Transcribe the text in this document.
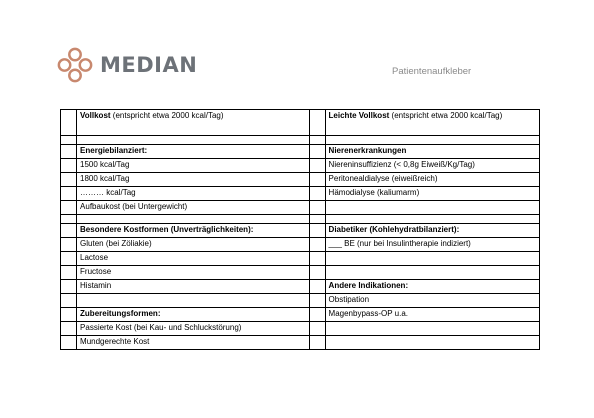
MEDIAN	Patientenaufkleber
	Vollkost (entspricht etwa 2000 kcal/Tag)		Leichte Vollkost (entspricht etwa 2000 kcal/Tag)

	Energiebilanziert:		Nierenerkrankungen
	1500 kcal/Tag		Niereninsuffizienz (< 0,8g Eiweiß/Kg/Tag)
	1800 kcal/Tag		Peritonealdialyse (eiweißreich)
	……… kcal/Tag		Hämodialyse (kaliumarm)
	Aufbaukost (bei Untergewicht)		

	Besondere Kostformen (Unverträglichkeiten):		Diabetiker (Kohlehydratbilanziert):
	Gluten (bei Zöliakie)		___ BE (nur bei Insulintherapie indiziert)
	Lactose		
	Fructose		
	Histamin		Andere Indikationen:
			Obstipation
	Zubereitungsformen:		Magenbypass-OP u.a.
	Passierte Kost (bei Kau- und Schluckstörung)		
	Mundgerechte Kost		
